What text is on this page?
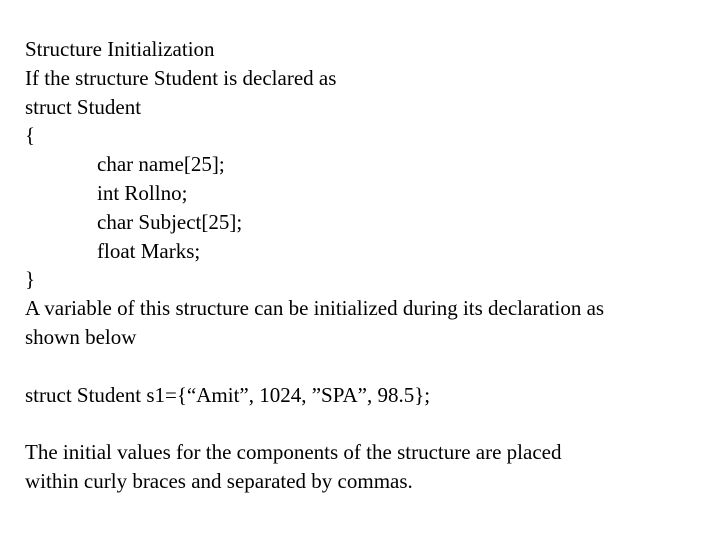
Structure Initialization
If the structure Student is declared as
struct Student
{
char name[25];
int Rollno;
char Subject[25];
float Marks;
}
A variable of this structure can be initialized during its declaration as
shown below
struct Student s1={“Amit”, 1024, ”SPA”, 98.5};
The initial values for the components of the structure are placed
within curly braces and separated by commas.
